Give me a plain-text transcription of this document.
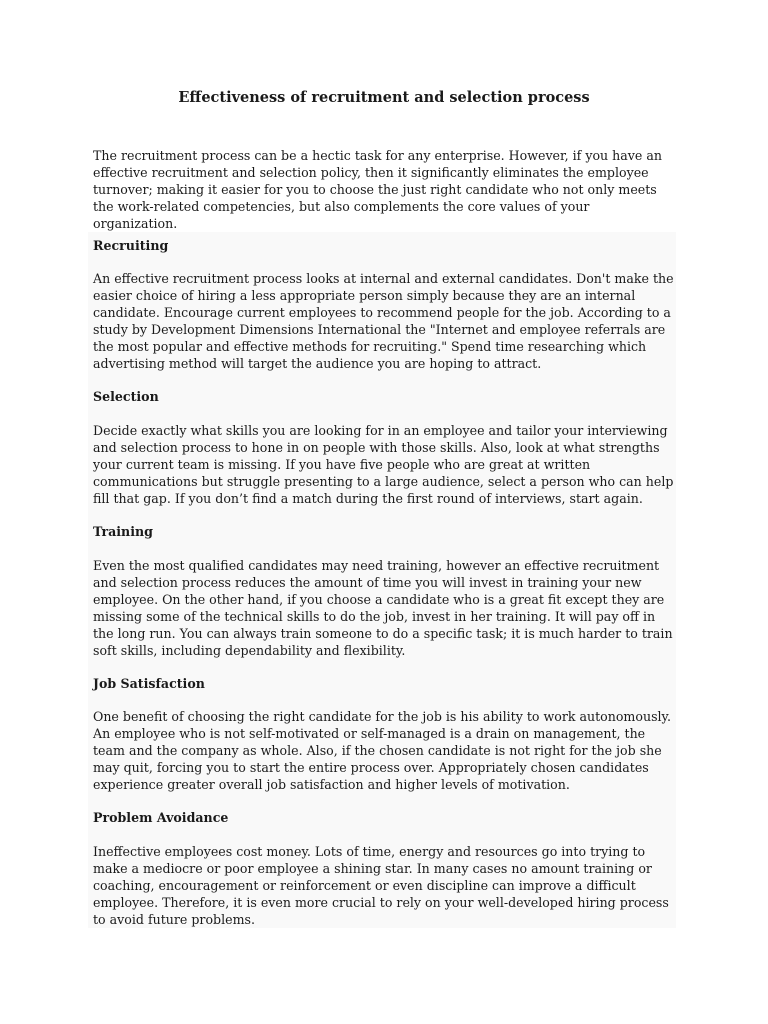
Effectiveness of recruitment and selection process

The recruitment process can be a hectic task for any enterprise. However, if you have an effective recruitment and selection policy, then it significantly eliminates the employee turnover; making it easier for you to choose the just right candidate who not only meets the work-related competencies, but also complements the core values of your organization.

Recruiting

An effective recruitment process looks at internal and external candidates. Don't make the easier choice of hiring a less appropriate person simply because they are an internal candidate. Encourage current employees to recommend people for the job. According to a study by Development Dimensions International the "Internet and employee referrals are the most popular and effective methods for recruiting." Spend time researching which advertising method will target the audience you are hoping to attract.

Selection

Decide exactly what skills you are looking for in an employee and tailor your interviewing and selection process to hone in on people with those skills. Also, look at what strengths your current team is missing. If you have five people who are great at written communications but struggle presenting to a large audience, select a person who can help fill that gap. If you don’t find a match during the first round of interviews, start again.

Training

Even the most qualified candidates may need training, however an effective recruitment and selection process reduces the amount of time you will invest in training your new employee. On the other hand, if you choose a candidate who is a great fit except they are missing some of the technical skills to do the job, invest in her training. It will pay off in the long run. You can always train someone to do a specific task; it is much harder to train soft skills, including dependability and flexibility.

Job Satisfaction

One benefit of choosing the right candidate for the job is his ability to work autonomously. An employee who is not self-motivated or self-managed is a drain on management, the team and the company as whole. Also, if the chosen candidate is not right for the job she may quit, forcing you to start the entire process over. Appropriately chosen candidates experience greater overall job satisfaction and higher levels of motivation.

Problem Avoidance

Ineffective employees cost money. Lots of time, energy and resources go into trying to make a mediocre or poor employee a shining star. In many cases no amount training or coaching, encouragement or reinforcement or even discipline can improve a difficult employee. Therefore, it is even more crucial to rely on your well-developed hiring process to avoid future problems.
